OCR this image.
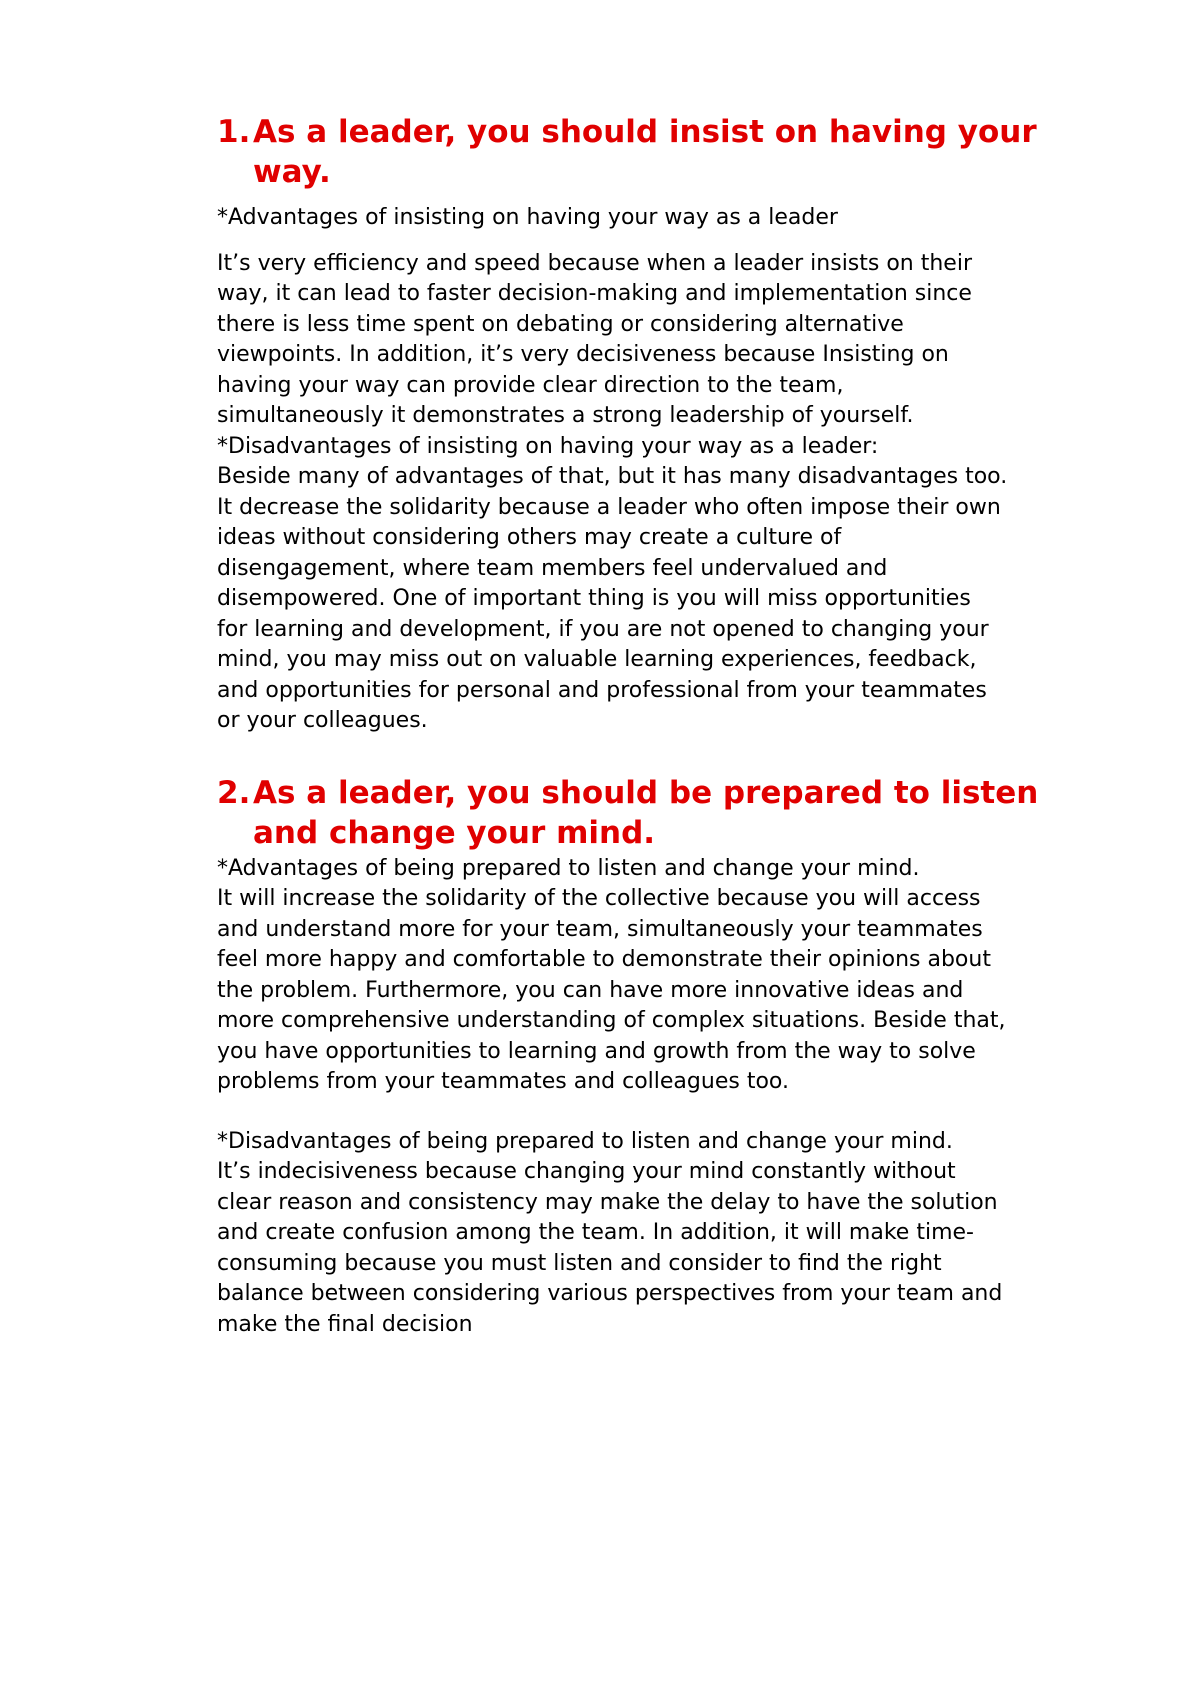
1. As a leader, you should insist on having your way.

*Advantages of insisting on having your way as a leader

It’s very efficiency and speed because when a leader insists on their
way, it can lead to faster decision-making and implementation since
there is less time spent on debating or considering alternative
viewpoints. In addition, it’s very decisiveness because Insisting on
having your way can provide clear direction to the team,
simultaneously it demonstrates a strong leadership of yourself.
*Disadvantages of insisting on having your way as a leader:
Beside many of advantages of that, but it has many disadvantages too.
It decrease the solidarity because a leader who often impose their own
ideas without considering others may create a culture of
disengagement, where team members feel undervalued and
disempowered. One of important thing is you will miss opportunities
for learning and development, if you are not opened to changing your
mind, you may miss out on valuable learning experiences, feedback,
and opportunities for personal and professional from your teammates
or your colleagues.

2. As a leader, you should be prepared to listen and change your mind.

*Advantages of being prepared to listen and change your mind.
It will increase the solidarity of the collective because you will access
and understand more for your team, simultaneously your teammates
feel more happy and comfortable to demonstrate their opinions about
the problem. Furthermore, you can have more innovative ideas and
more comprehensive understanding of complex situations. Beside that,
you have opportunities to learning and growth from the way to solve
problems from your teammates and colleagues too.

*Disadvantages of being prepared to listen and change your mind.
It’s indecisiveness because changing your mind constantly without
clear reason and consistency may make the delay to have the solution
and create confusion among the team. In addition, it will make time-
consuming because you must listen and consider to find the right
balance between considering various perspectives from your team and
make the final decision
